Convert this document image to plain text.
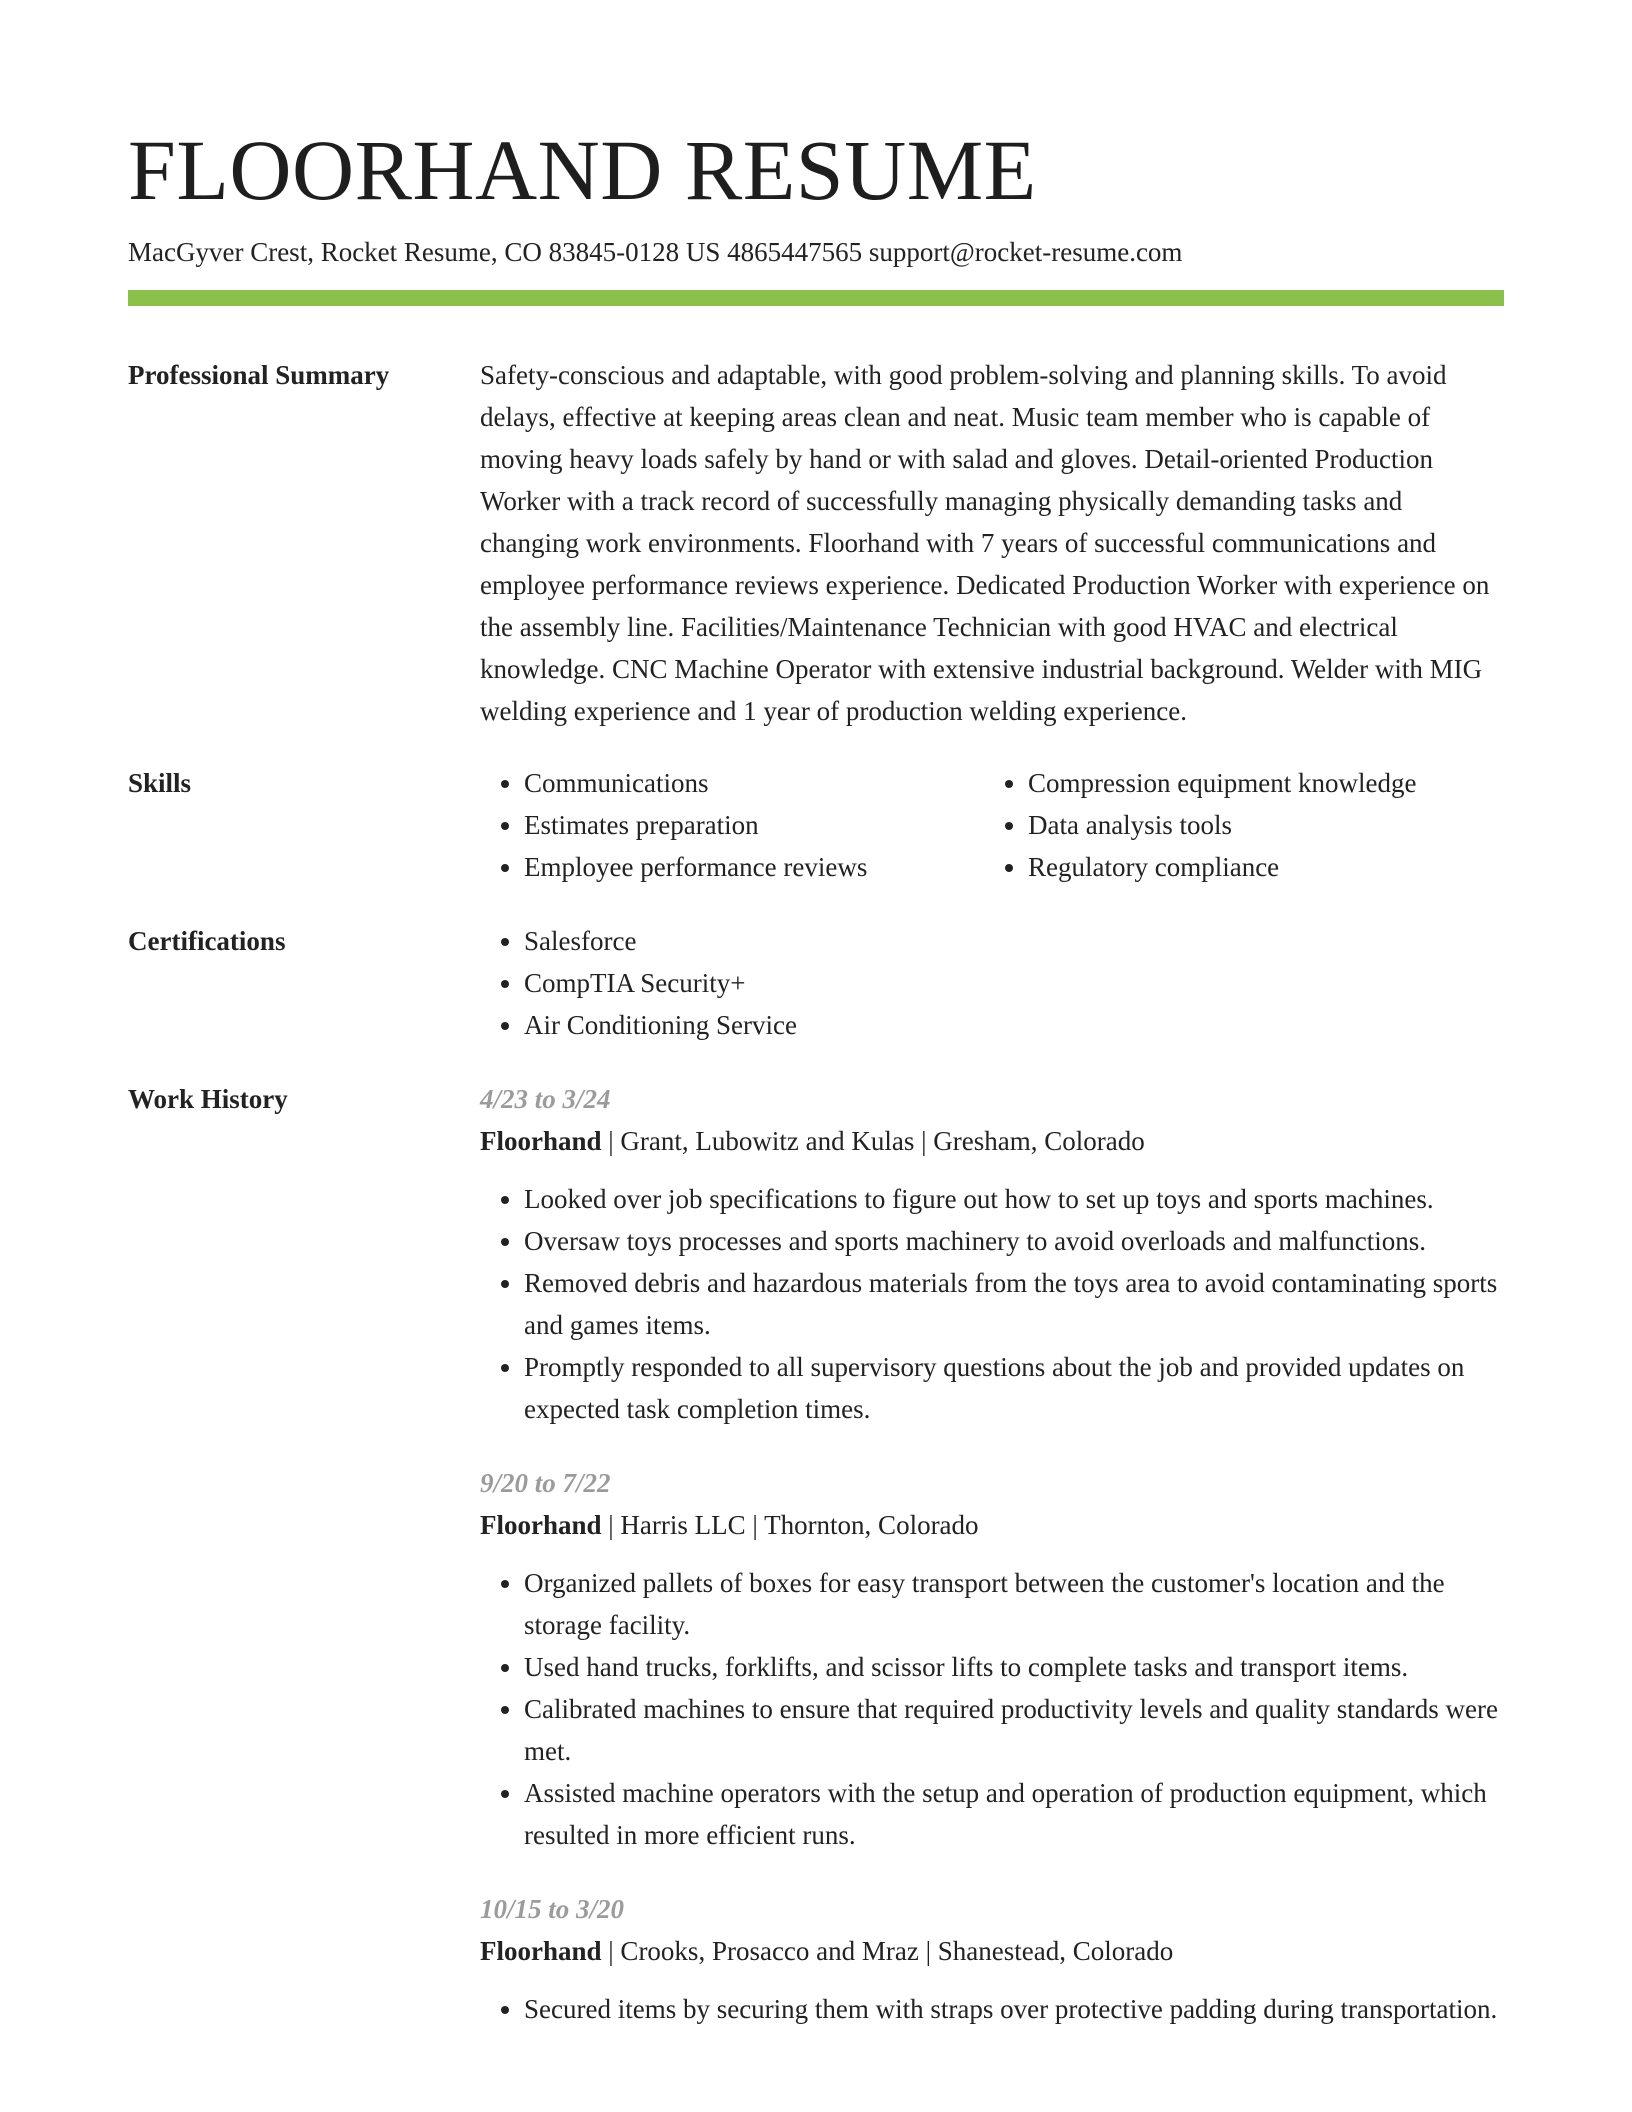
FLOORHAND RESUME
MacGyver Crest, Rocket Resume, CO 83845-0128 US 4865447565 support@rocket-resume.com
Professional Summary	Safety-conscious and adaptable, with good problem-solving and planning skills. To avoid delays, effective at keeping areas clean and neat. Music team member who is capable of moving heavy loads safely by hand or with salad and gloves. Detail-oriented Production Worker with a track record of successfully managing physically demanding tasks and changing work environments. Floorhand with 7 years of successful communications and employee performance reviews experience. Dedicated Production Worker with experience on the assembly line. Facilities/Maintenance Technician with good HVAC and electrical knowledge. CNC Machine Operator with extensive industrial background. Welder with MIG welding experience and 1 year of production welding experience.
Skills	• Communications
• Estimates preparation
• Employee performance reviews
• Compression equipment knowledge
• Data analysis tools
• Regulatory compliance
Certifications	• Salesforce
• CompTIA Security+
• Air Conditioning Service
Work History	4/23 to 3/24
Floorhand | Grant, Lubowitz and Kulas | Gresham, Colorado
• Looked over job specifications to figure out how to set up toys and sports machines.
• Oversaw toys processes and sports machinery to avoid overloads and malfunctions.
• Removed debris and hazardous materials from the toys area to avoid contaminating sports and games items.
• Promptly responded to all supervisory questions about the job and provided updates on expected task completion times.
9/20 to 7/22
Floorhand | Harris LLC | Thornton, Colorado
• Organized pallets of boxes for easy transport between the customer's location and the storage facility.
• Used hand trucks, forklifts, and scissor lifts to complete tasks and transport items.
• Calibrated machines to ensure that required productivity levels and quality standards were met.
• Assisted machine operators with the setup and operation of production equipment, which resulted in more efficient runs.
10/15 to 3/20
Floorhand | Crooks, Prosacco and Mraz | Shanestead, Colorado
• Secured items by securing them with straps over protective padding during transportation.
